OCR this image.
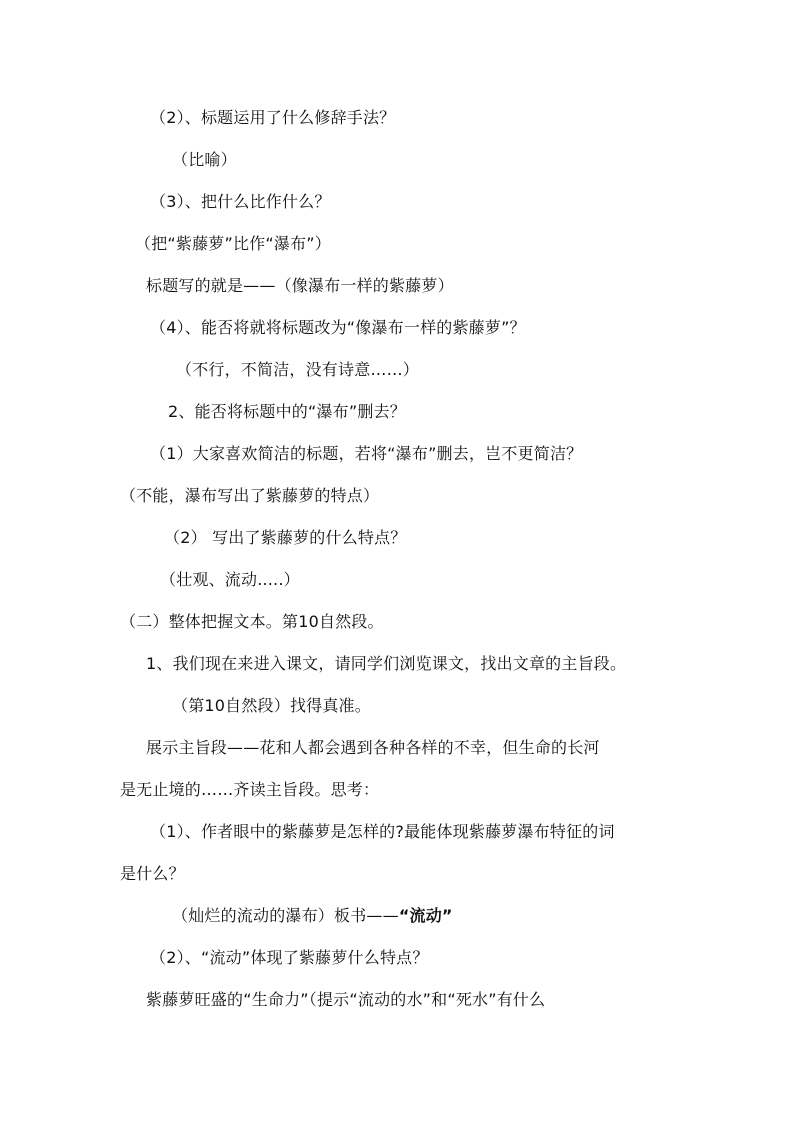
（2）、标题运用了什么修辞手法？
（比喻）
（3）、把什么比作什么？
（把“紫藤萝”比作“瀑布”）
标题写的就是——（像瀑布一样的紫藤萝）
（4）、能否将就将标题改为“像瀑布一样的紫藤萝”？
（不行，不简洁，没有诗意……）
2、能否将标题中的“瀑布”删去？
（1）大家喜欢简洁的标题，若将“瀑布”删去，岂不更简洁？
（不能，瀑布写出了紫藤萝的特点）
（2） 写出了紫藤萝的什么特点？
（壮观、流动.....）
（二）整体把握文本。第10自然段。
1、我们现在来进入课文，请同学们浏览课文，找出文章的主旨段。
（第10自然段）找得真准。
展示主旨段——花和人都会遇到各种各样的不幸，但生命的长河
是无止境的……齐读主旨段。思考：
（1）、作者眼中的紫藤萝是怎样的?最能体现紫藤萝瀑布特征的词
是什么？
（灿烂的流动的瀑布）板书——“流动”
（2）、“流动”体现了紫藤萝什么特点？
紫藤萝旺盛的“生命力”（提示“流动的水”和“死水”有什么
